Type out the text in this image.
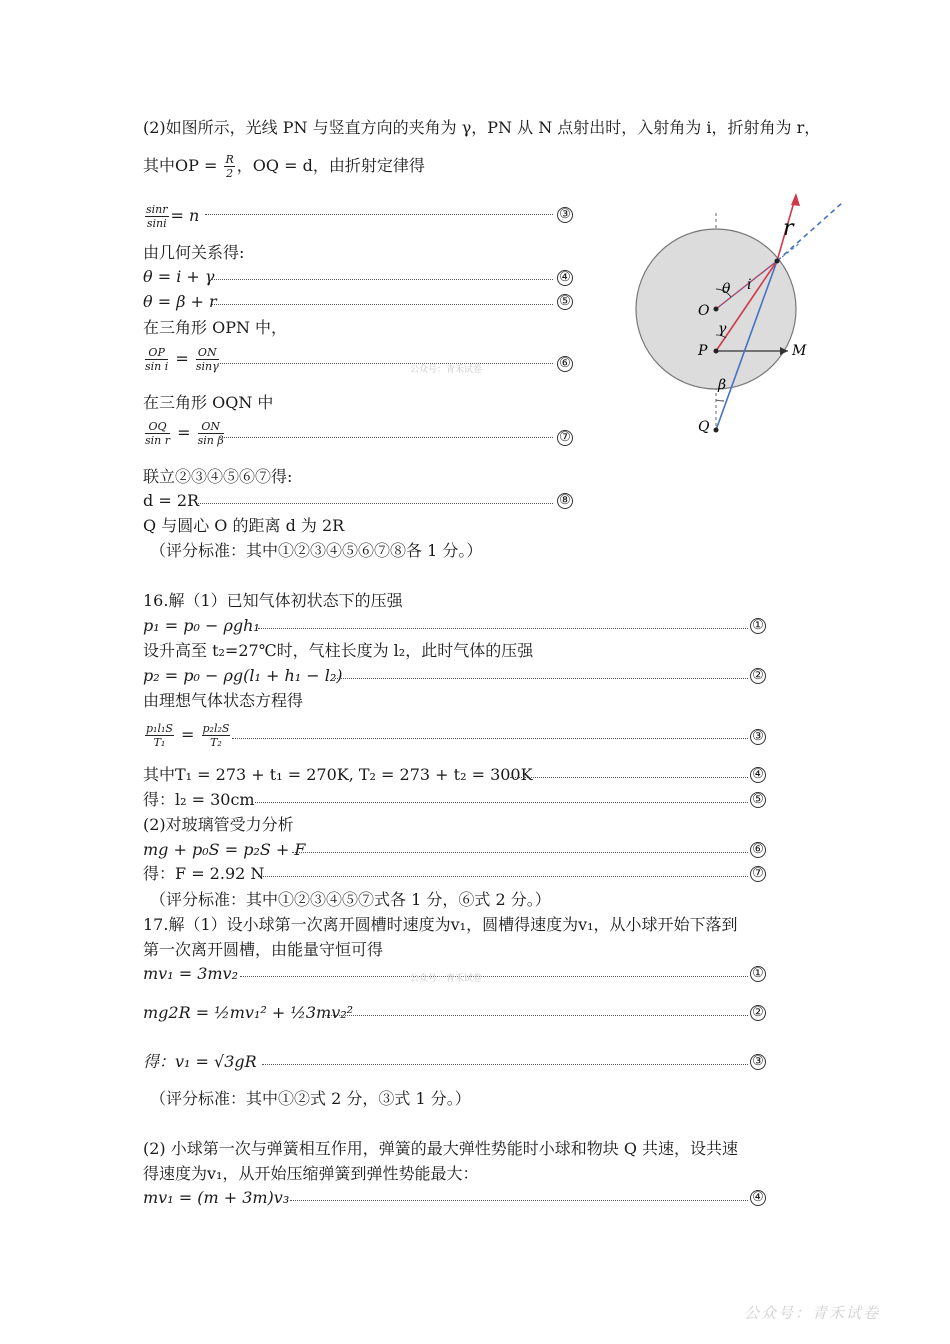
(2)如图所示，光线 PN 与竖直方向的夹角为 γ，PN 从 N 点射出时，入射角为 i，折射角为 r，
其中OP = $\frac{R}{2}$ ，OQ = d，由折射定律得
$\frac{\sin r}{\sin i} = n$	③
由几何关系得:
θ = i + γ	④
θ = β + r	⑤
在三角形 OPN 中，
$\frac{OP}{\text{sin i}} = \frac{ON}{\sin\gamma}$	⑥
公众号：青禾试卷
在三角形 OQN 中
$\frac{OQ}{\text{sin r}} = \frac{ON}{\text{sin β}}$	⑦
联立②③④⑤⑥⑦得:
d = 2R	⑧
Q 与圆心 O 的距离 d 为 2R
（评分标准：其中①②③④⑤⑥⑦⑧各 1 分。）
O
P	M
Q
θ i
γ
β
r
16.解（1）已知气体初状态下的压强
p₁ = p₀ − ρgh₁	①
设升高至 t₂=27℃时，气柱长度为 l₂，此时气体的压强
p₂ = p₀ − ρg(l₁ + h₁ − l₂)	②
由理想气体状态方程得
$\frac{\text{p₁l₁S}}{\text{T₁}} = \frac{\text{p₂l₂S}}{\text{T₂}}$	③
其中T₁ = 273 + t₁ = 270K, T₂ = 273 + t₂ = 300K	④
得：l₂ = 30cm	⑤
(2)对玻璃管受力分析
mg + p₀S = p₂S + F	⑥
得：F = 2.92 N	⑦
（评分标准：其中①②③④⑤⑦式各 1 分，⑥式 2 分。）
17.解（1）设小球第一次离开圆槽时速度为v₁，圆槽得速度为v₁，从小球开始下落到
第一次离开圆槽，由能量守恒可得
mv₁ = 3mv₂	①
公众号：青禾试卷
mg2R = ½mv₁² + ½3mv₂²	②
得：v₁ = √3gR	③
（评分标准：其中①②式 2 分，③式 1 分。）
(2) 小球第一次与弹簧相互作用，弹簧的最大弹性势能时小球和物块 Q 共速，设共速
得速度为v₁，从开始压缩弹簧到弹性势能最大：
mv₁ = (m + 3m)v₃	④
公众号：青禾试卷
